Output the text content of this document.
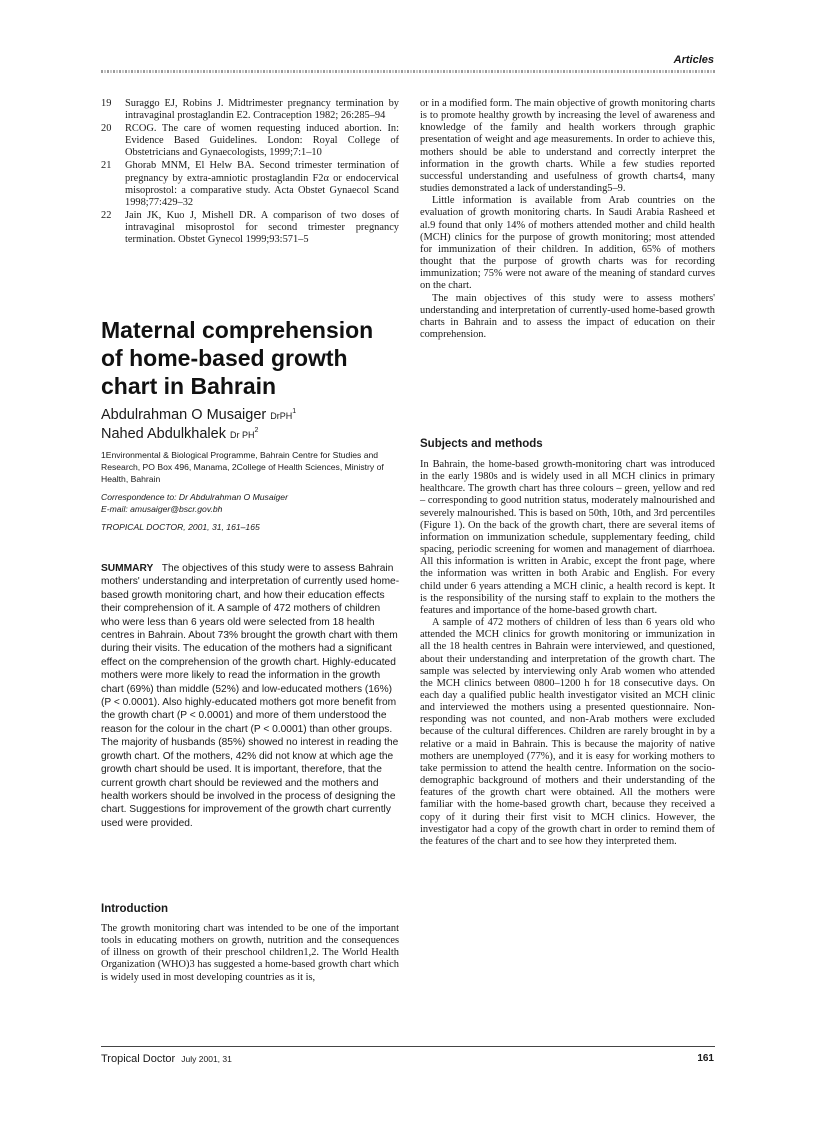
Articles
19	Suraggo EJ, Robins J. Midtrimester pregnancy termination by intravaginal prostaglandin E2. Contraception 1982; 26:285–94
20	RCOG. The care of women requesting induced abortion. In: Evidence Based Guidelines. London: Royal College of Obstetricians and Gynaecologists, 1999;7:1–10
21	Ghorab MNM, El Helw BA. Second trimester termination of pregnancy by extra-amniotic prostaglandin F2α or endocervical misoprostol: a comparative study. Acta Obstet Gynaecol Scand 1998;77:429–32
22	Jain JK, Kuo J, Mishell DR. A comparison of two doses of intravaginal misoprostol for second trimester pregnancy termination. Obstet Gynecol 1999;93:571–5
Maternal comprehension of home-based growth chart in Bahrain
Abdulrahman O Musaiger DrPH$^1$
Nahed Abdulkhalek Dr $PH^2$

1Environmental & Biological Programme, Bahrain Centre for Studies and Research, PO Box 496, Manama, 2College of Health Sciences, Ministry of Health, Bahrain

Correspondence to: Dr Abdulrahman O Musaiger

E-mail: amusaiger@bscr.gov.bh

TROPICAL DOCTOR, 2001, 31, 161–165

SUMMARY The objectives of this study were to assess Bahrain mothers' understanding and interpretation of currently used home-based growth monitoring chart, and how their education effects their comprehension of it. A sample of 472 mothers of children who were less than 6 years old were selected from 18 health centres in Bahrain. About 73% brought the growth chart with them during their visits. The education of the mothers had a significant effect on the comprehension of the growth chart. Highly-educated mothers were more likely to read the information in the growth chart (69%) than middle (52%) and low-educated mothers (16%) (P < 0.0001). Also highly-educated mothers got more benefit from the growth chart (P < 0.0001) and more of them understood the reason for the colour in the chart (P < 0.0001) than other groups. The majority of husbands (85%) showed no interest in reading the growth chart. Of the mothers, 42% did not know at which age the growth chart should be used. It is important, therefore, that the current growth chart should be reviewed and the mothers and health workers should be involved in the process of designing the chart. Suggestions for improvement of the growth chart currently used were provided.

Introduction

The growth monitoring chart was intended to be one of the important tools in educating mothers on growth, nutrition and the consequences of illness on growth of their preschool children1,2. The World Health Organization (WHO)3 has suggested a home-based growth chart which is widely used in most developing countries as it is,

or in a modified form. The main objective of growth monitoring charts is to promote healthy growth by increasing the level of awareness and knowledge of the family and health workers through graphic presentation of weight and age measurements. In order to achieve this, mothers should be able to understand and correctly interpret the information in the growth charts. While a few studies reported successful understanding and usefulness of growth charts4, many studies demonstrated a lack of understanding5–9.

Little information is available from Arab countries on the evaluation of growth monitoring charts. In Saudi Arabia Rasheed et al.9 found that only 14% of mothers attended mother and child health (MCH) clinics for the purpose of growth monitoring; most attended for immunization of their children. In addition, 65% of mothers thought that the purpose of growth charts was for recording immunization; 75% were not aware of the meaning of standard curves on the chart.

The main objectives of this study were to assess mothers' understanding and interpretation of currently-used home-based growth charts in Bahrain and to assess the impact of education on their comprehension.

Subjects and methods

In Bahrain, the home-based growth-monitoring chart was introduced in the early 1980s and is widely used in all MCH clinics in primary healthcare. The growth chart has three colours – green, yellow and red – corresponding to good nutrition status, moderately malnourished and severely malnourished. This is based on 50th, 10th, and 3rd percentiles (Figure 1). On the back of the growth chart, there are several items of information on immunization schedule, supplementary feeding, child spacing, periodic screening for women and management of diarrhoea. All this information is written in Arabic, except the front page, where the information was written in both Arabic and English. For every child under 6 years attending a MCH clinic, a health record is kept. It is the responsibility of the nursing staff to explain to the mothers the features and importance of the home-based growth chart.

A sample of 472 mothers of children of less than 6 years old who attended the MCH clinics for growth monitoring or immunization in all the 18 health centres in Bahrain were interviewed, and questioned, about their understanding and interpretation of the growth chart. The sample was selected by interviewing only Arab women who attended the MCH clinics between 0800–1200 h for 18 consecutive days. On each day a qualified public health investigator visited an MCH clinic and interviewed the mothers using a presented questionnaire. Non-responding was not counted, and non-Arab mothers were excluded because of the cultural differences. Children are rarely brought in by a relative or a maid in Bahrain. This is because the majority of native mothers are unemployed (77%), and it is easy for working mothers to take permission to attend the health centre. Information on the socio-demographic background of mothers and their understanding of the features of the growth chart were obtained. All the mothers were familiar with the home-based growth chart, because they received a copy of it during their first visit to MCH clinics. However, the investigator had a copy of the growth chart in order to remind them of the features of the chart and to see how they interpreted them.

Tropical Doctor July 2001, 31	161
